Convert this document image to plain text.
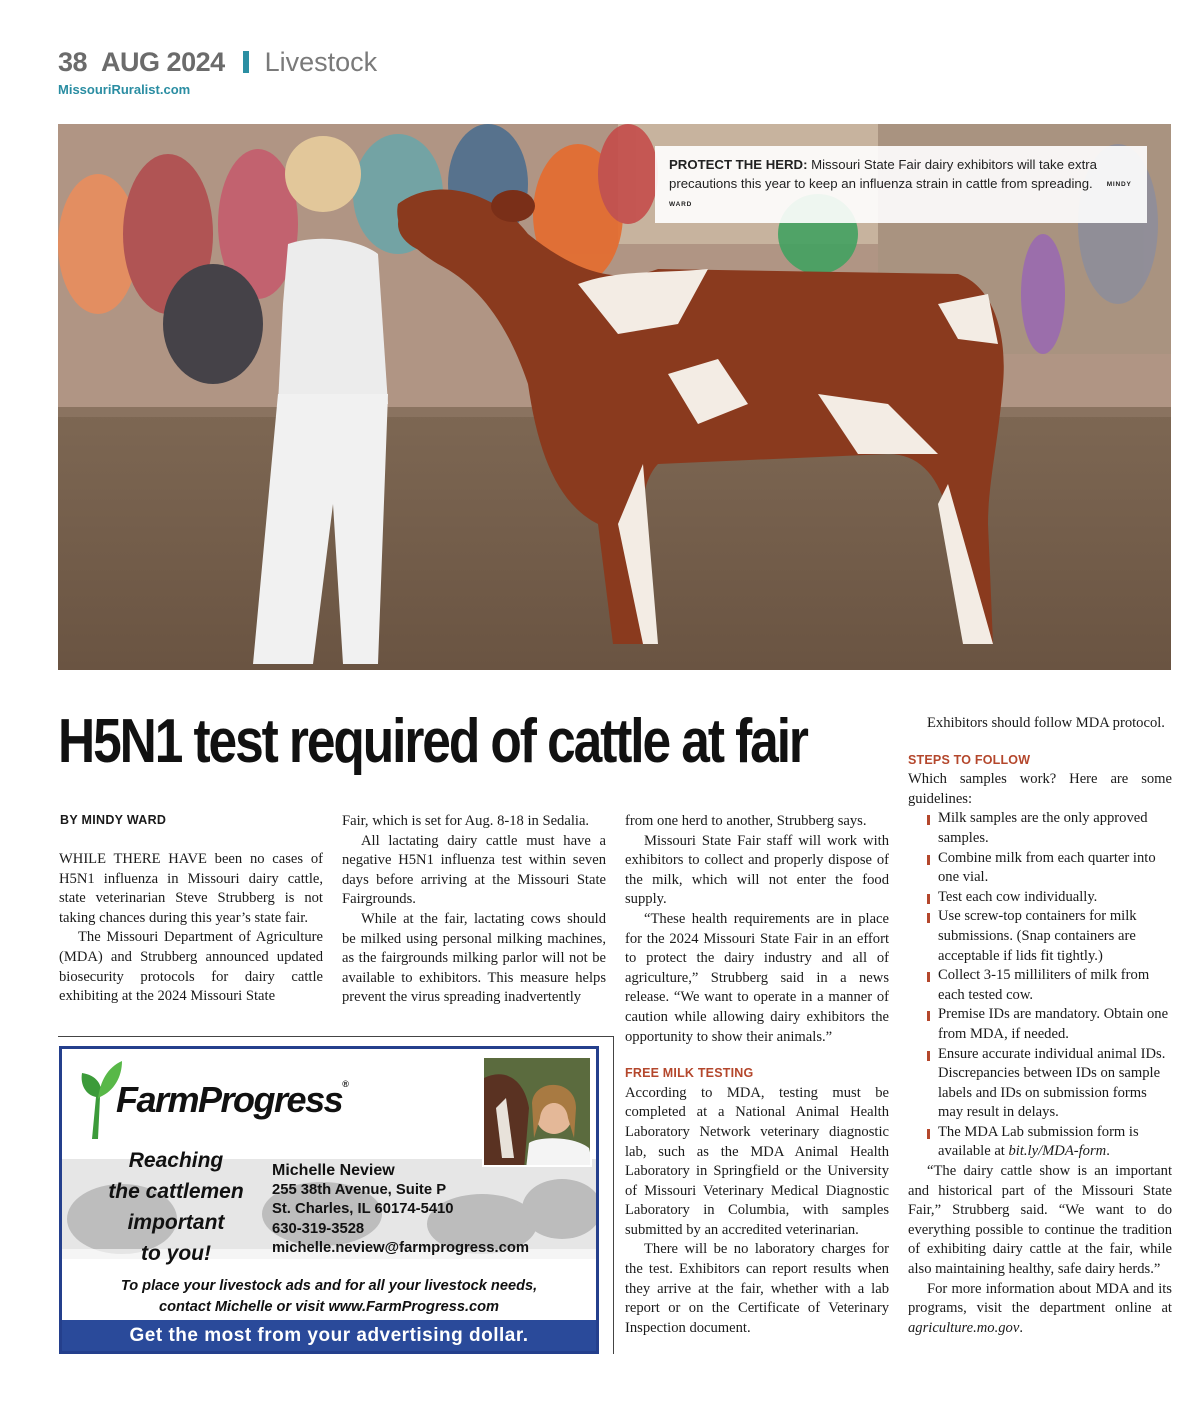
38 AUG 2024 Livestock
MissouriRuralist.com
PROTECT THE HERD: Missouri State Fair dairy exhibitors will take extra precautions this year to keep an influenza strain in cattle from spreading. MINDY WARD
H5N1 test required of cattle at fair
BY MINDY WARD

WHILE THERE HAVE been no cases of H5N1 influenza in Missouri dairy cattle, state veterinarian Steve Strubberg is not taking chances during this year’s state fair.

The Missouri Department of Agriculture (MDA) and Strubberg announced updated biosecurity protocols for dairy cattle exhibiting at the 2024 Missouri State

Fair, which is set for Aug. 8-18 in Sedalia.

All lactating dairy cattle must have a negative H5N1 influenza test within seven days before arriving at the Missouri State Fairgrounds.

While at the fair, lactating cows should be milked using personal milking machines, as the fairgrounds milking parlor will not be available to exhibitors. This measure helps prevent the virus spreading inadvertently

from one herd to another, Strubberg says.

Missouri State Fair staff will work with exhibitors to collect and properly dispose of the milk, which will not enter the food supply.

“These health requirements are in place for the 2024 Missouri State Fair in an effort to protect the dairy industry and all of agriculture,” Strubberg said in a news release. “We want to operate in a manner of caution while allowing dairy exhibitors the opportunity to show their animals.”

FREE MILK TESTING

According to MDA, testing must be completed at a National Animal Health Laboratory Network veterinary diagnostic lab, such as the MDA Animal Health Laboratory in Springfield or the University of Missouri Veterinary Medical Diagnostic Laboratory in Columbia, with samples submitted by an accredited veterinarian.

There will be no laboratory charges for the test. Exhibitors can report results when they arrive at the fair, whether with a lab report or on the Certificate of Veterinary Inspection document.

Exhibitors should follow MDA protocol.

STEPS TO FOLLOW

Which samples work? Here are some guidelines:

Milk samples are the only approved samples.
Combine milk from each quarter into one vial.
Test each cow individually.
Use screw-top containers for milk submissions. (Snap containers are acceptable if lids fit tightly.)
Collect 3-15 milliliters of milk from each tested cow.
Premise IDs are mandatory. Obtain one from MDA, if needed.
Ensure accurate individual animal IDs. Discrepancies between IDs on sample labels and IDs on submission forms may result in delays.
The MDA Lab submission form is available at bit.ly/MDA-form.

“The dairy cattle show is an important and historical part of the Missouri State Fair,” Strubberg said. “We want to do everything possible to continue the tradition of exhibiting dairy cattle at the fair, while also maintaining healthy, safe dairy herds.”

For more information about MDA and its programs, visit the department online at agriculture.mo.gov.

FarmProgress®
Reaching
the cattlemen
important
to you!
Michelle Neview
255 38th Avenue, Suite P
St. Charles, IL 60174-5410
630-319-3528
michelle.neview@farmprogress.com
To place your livestock ads and for all your livestock needs,
contact Michelle or visit www.FarmProgress.com
Get the most from your advertising dollar.
